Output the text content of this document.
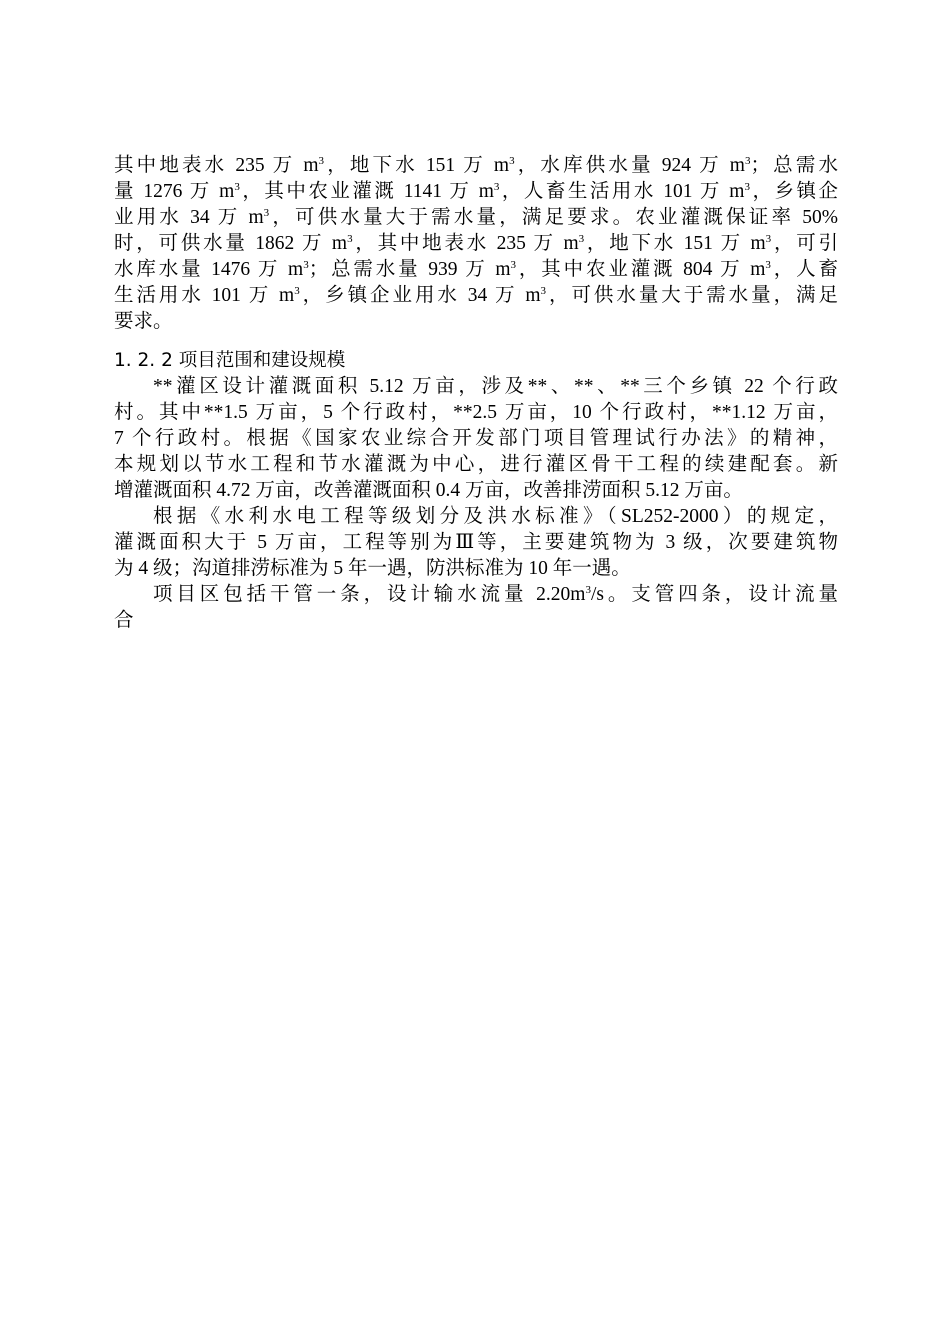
其中地表水 235 万 $m^3$，地下水 151 万 $m^3$，水库供水量 924 万 $m^3$；总需水
量 1276 万 $m^3$，其中农业灌溉 1141 万 $m^3$，人畜生活用水 101 万 $m^3$，乡镇企
业用水 34 万 $m^3$，可供水量大于需水量，满足要求。农业灌溉保证率 50%
时，可供水量 1862 万 $m^3$，其中地表水 235 万 $m^3$，地下水 151 万 $m^3$，可引
水库水量 1476 万 $m^3$；总需水量 939 万 $m^3$，其中农业灌溉 804 万 $m^3$，人畜
生活用水 101 万 $m^3$，乡镇企业用水 34 万 $m^3$，可供水量大于需水量，满足
要求。
1. 2. 2 项目范围和建设规模
**灌区设计灌溉面积 5.12 万亩，涉及**、**、**三个乡镇 22 个行政
村。其中**1.5 万亩，5 个行政村，**2.5 万亩，10 个行政村，**1.12 万亩，
7 个行政村。根据《国家农业综合开发部门项目管理试行办法》的精神，
本规划以节水工程和节水灌溉为中心，进行灌区骨干工程的续建配套。新
增灌溉面积 4.72 万亩，改善灌溉面积 0.4 万亩，改善排涝面积 5.12 万亩。
根据《水利水电工程等级划分及洪水标准》（SL252-2000）的规定，
灌溉面积大于 5 万亩，工程等别为Ⅲ等，主要建筑物为 3 级，次要建筑物
为 4 级；沟道排涝标准为 5 年一遇，防洪标准为 10 年一遇。
项目区包括干管一条，设计输水流量 $2.20m^3/s$。支管四条，设计流量
合
